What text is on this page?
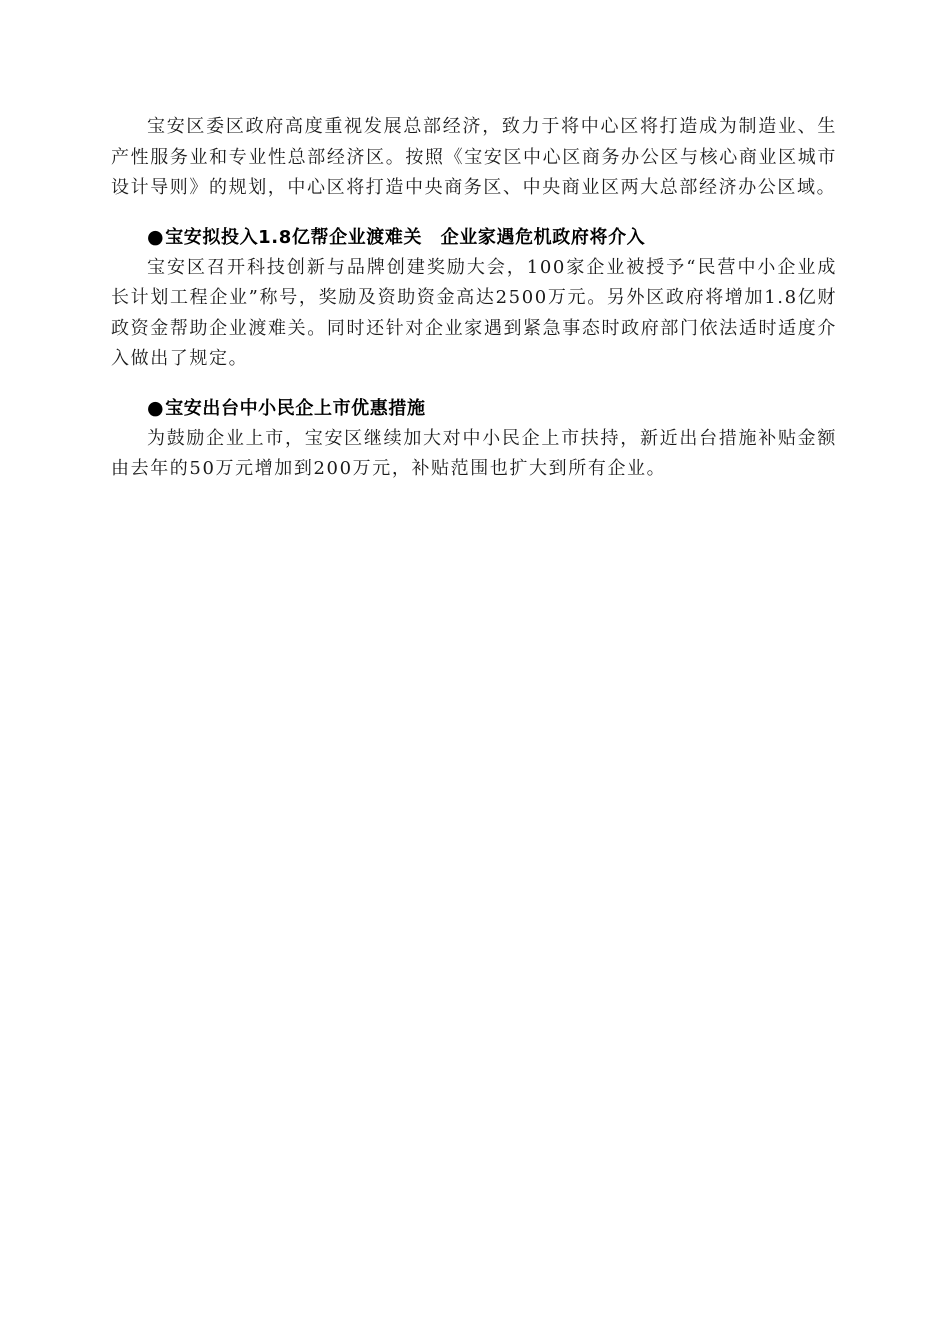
宝安区委区政府高度重视发展总部经济，致力于将中心区将打造成为制造业、生产性服务业和专业性总部经济区。按照《宝安区中心区商务办公区与核心商业区城市设计导则》的规划，中心区将打造中央商务区、中央商业区两大总部经济办公区域。

●宝安拟投入1.8亿帮企业渡难关　企业家遇危机政府将介入

宝安区召开科技创新与品牌创建奖励大会，100家企业被授予“民营中小企业成长计划工程企业”称号，奖励及资助资金高达2500万元。另外区政府将增加1.8亿财政资金帮助企业渡难关。同时还针对企业家遇到紧急事态时政府部门依法适时适度介入做出了规定。

●宝安出台中小民企上市优惠措施

为鼓励企业上市，宝安区继续加大对中小民企上市扶持，新近出台措施补贴金额由去年的50万元增加到200万元，补贴范围也扩大到所有企业。
